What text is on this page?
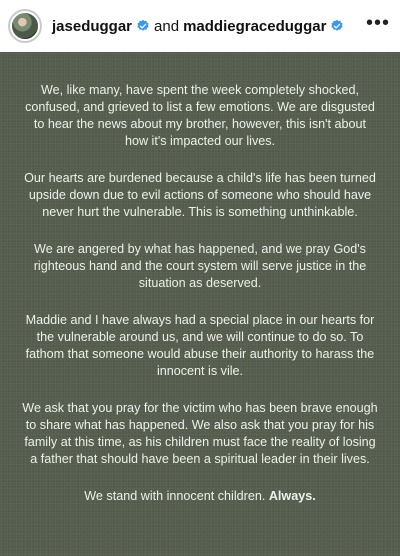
jaseduggar and maddiegraceduggar •••

We, like many, have spent the week completely shocked, confused, and grieved to list a few emotions. We are disgusted to hear the news about my brother, however, this isn't about how it's impacted our lives.

Our hearts are burdened because a child's life has been turned upside down due to evil actions of someone who should have never hurt the vulnerable. This is something unthinkable.

We are angered by what has happened, and we pray God's righteous hand and the court system will serve justice in the situation as deserved.

Maddie and I have always had a special place in our hearts for the vulnerable around us, and we will continue to do so. To fathom that someone would abuse their authority to harass the innocent is vile.

We ask that you pray for the victim who has been brave enough to share what has happened. We also ask that you pray for his family at this time, as his children must face the reality of losing a father that should have been a spiritual leader in their lives.

We stand with innocent children. Always.
